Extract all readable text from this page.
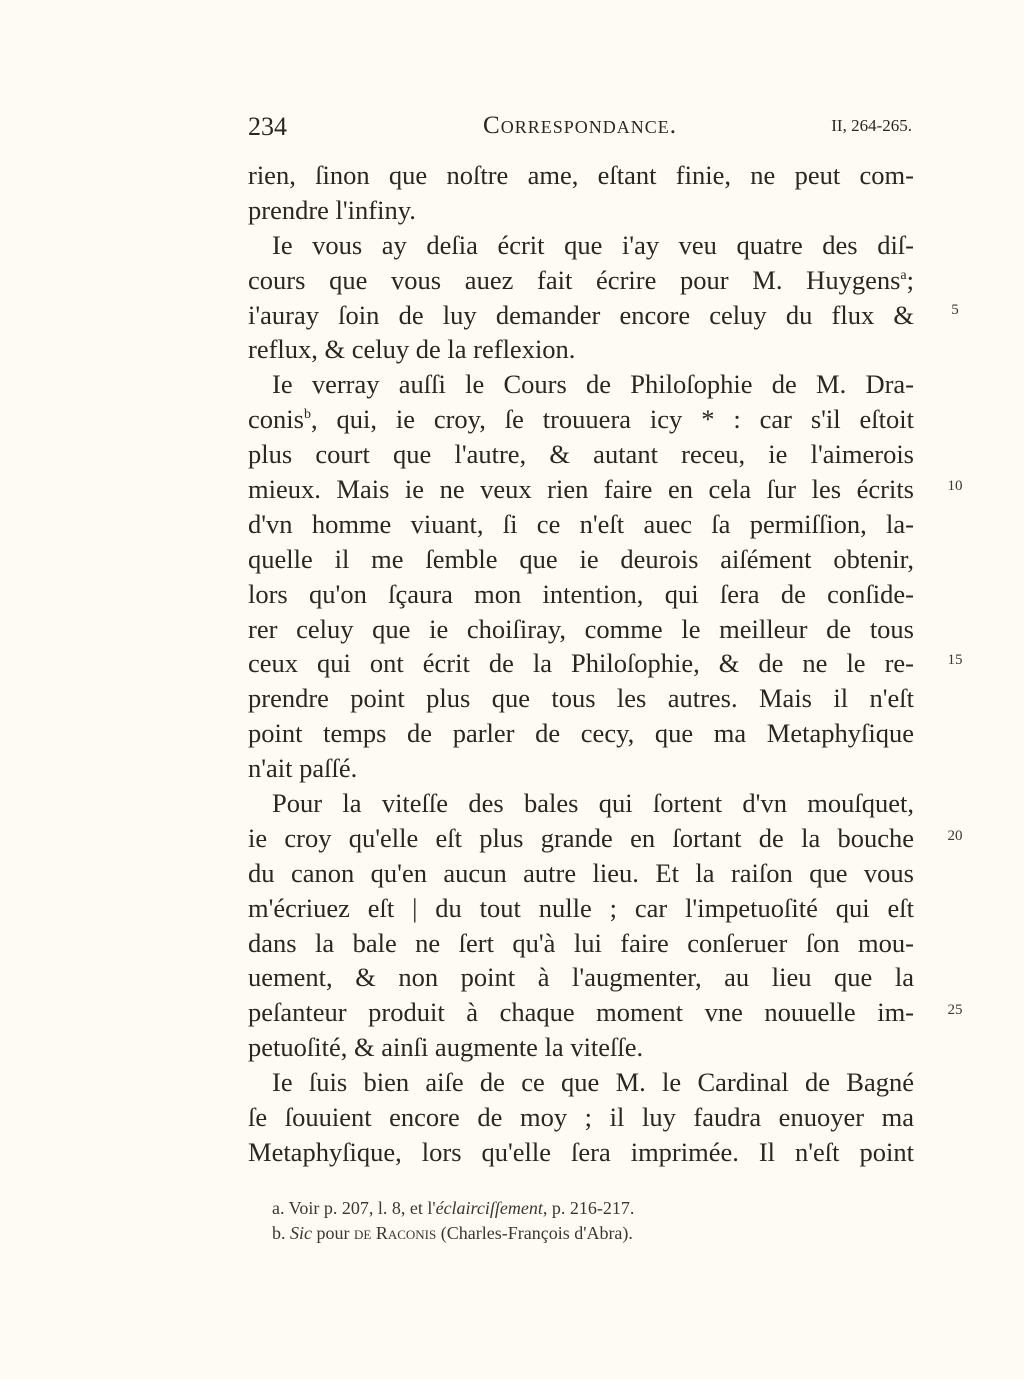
234	Correspondance.	II, 264-265.
rien, ſinon que noſtre ame, eſtant finie, ne peut com-
prendre l'infiny.
Ie vous ay deſia écrit que i'ay veu quatre des diſ-
cours que vous auez fait écrire pour M. Huygens$^a$;
i'auray ſoin de luy demander encore celuy du flux &
reflux, & celuy de la reflexion.
Ie verray auſſi le Cours de Philoſophie de M. Dra-
conis$^b$, qui, ie croy, ſe trouuera icy * : car s'il eſtoit
plus court que l'autre, & autant receu, ie l'aimerois
mieux. Mais ie ne veux rien faire en cela ſur les écrits
d'vn homme viuant, ſi ce n'eſt auec ſa permiſſion, la-
quelle il me ſemble que ie deurois aiſément obtenir,
lors qu'on ſçaura mon intention, qui ſera de conſide-
rer celuy que ie choiſiray, comme le meilleur de tous
ceux qui ont écrit de la Philoſophie, & de ne le re-
prendre point plus que tous les autres. Mais il n'eſt
point temps de parler de cecy, que ma Metaphyſique
n'ait paſſé.
Pour la viteſſe des bales qui ſortent d'vn mouſquet,
ie croy qu'elle eſt plus grande en ſortant de la bouche
du canon qu'en aucun autre lieu. Et la raiſon que vous
m'écriuez eſt | du tout nulle ; car l'impetuoſité qui eſt
dans la bale ne ſert qu'à lui faire conſeruer ſon mou-
uement, & non point à l'augmenter, au lieu que la
peſanteur produit à chaque moment vne nouuelle im-
petuoſité, & ainſi augmente la viteſſe.
Ie ſuis bien aiſe de ce que M. le Cardinal de Bagné
ſe ſouuient encore de moy ; il luy faudra enuoyer ma
Metaphyſique, lors qu'elle ſera imprimée. Il n'eſt point
5
10
15
20
25
a. Voir p. 207, l. 8, et l'éclairciſſement, p. 216-217.
b. Sic pour de Raconis (Charles-François d'Abra).
